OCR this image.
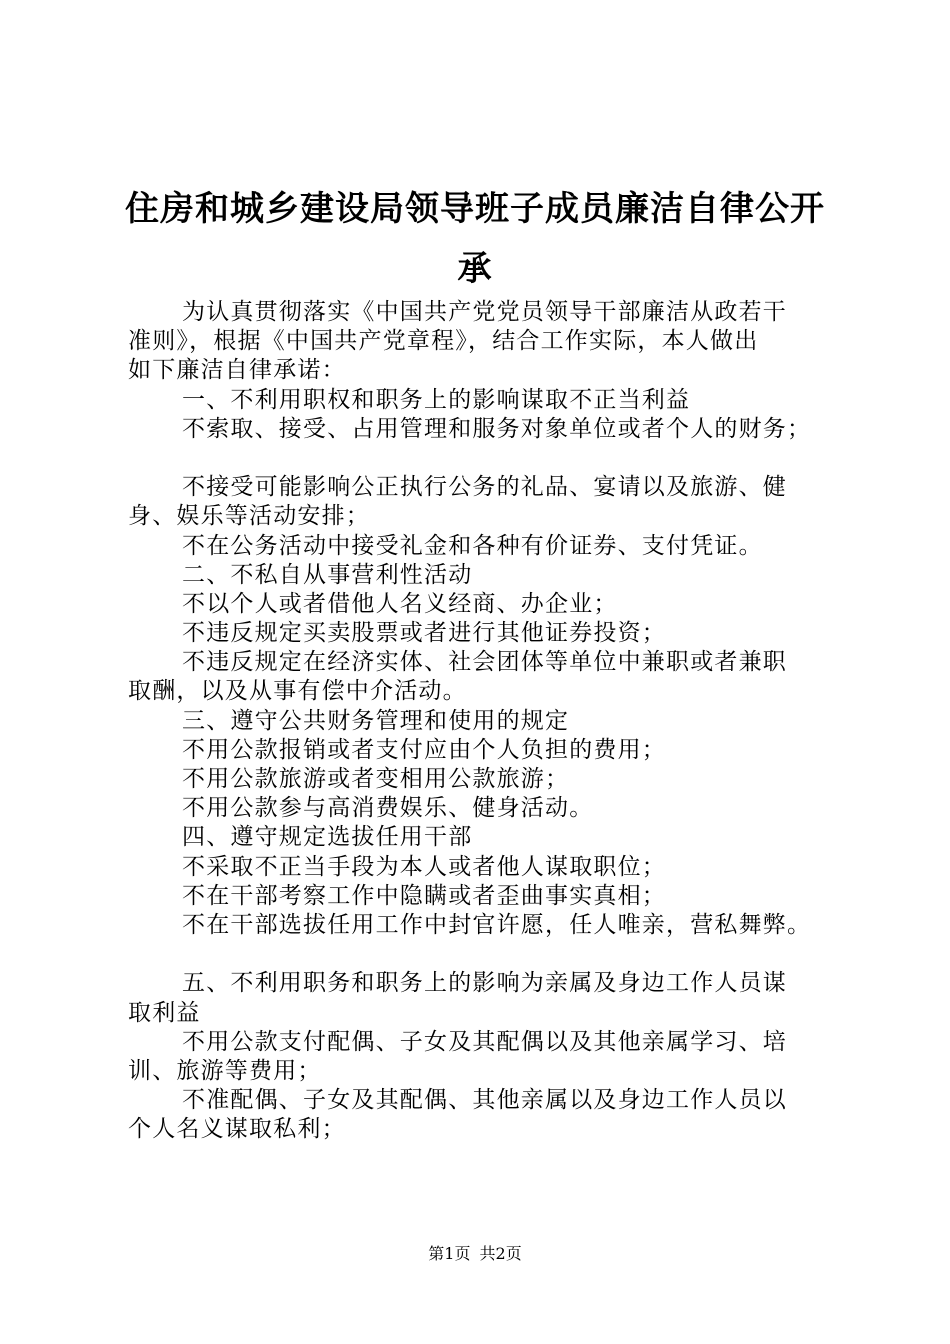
住房和城乡建设局领导班子成员廉洁自律公开
承
为认真贯彻落实《中国共产党党员领导干部廉洁从政若干
准则》，根据《中国共产党章程》，结合工作实际，本人做出
如下廉洁自律承诺：
一、不利用职权和职务上的影响谋取不正当利益
不索取、接受、占用管理和服务对象单位或者个人的财务；
不接受可能影响公正执行公务的礼品、宴请以及旅游、健
身、娱乐等活动安排；
不在公务活动中接受礼金和各种有价证券、支付凭证。
二、不私自从事营利性活动
不以个人或者借他人名义经商、办企业；
不违反规定买卖股票或者进行其他证券投资；
不违反规定在经济实体、社会团体等单位中兼职或者兼职
取酬，以及从事有偿中介活动。
三、遵守公共财务管理和使用的规定
不用公款报销或者支付应由个人负担的费用；
不用公款旅游或者变相用公款旅游；
不用公款参与高消费娱乐、健身活动。
四、遵守规定选拔任用干部
不采取不正当手段为本人或者他人谋取职位；
不在干部考察工作中隐瞒或者歪曲事实真相；
不在干部选拔任用工作中封官许愿，任人唯亲，营私舞弊。
五、不利用职务和职务上的影响为亲属及身边工作人员谋
取利益
不用公款支付配偶、子女及其配偶以及其他亲属学习、培
训、旅游等费用；
不准配偶、子女及其配偶、其他亲属以及身边工作人员以
个人名义谋取私利；
第1页 共2页
